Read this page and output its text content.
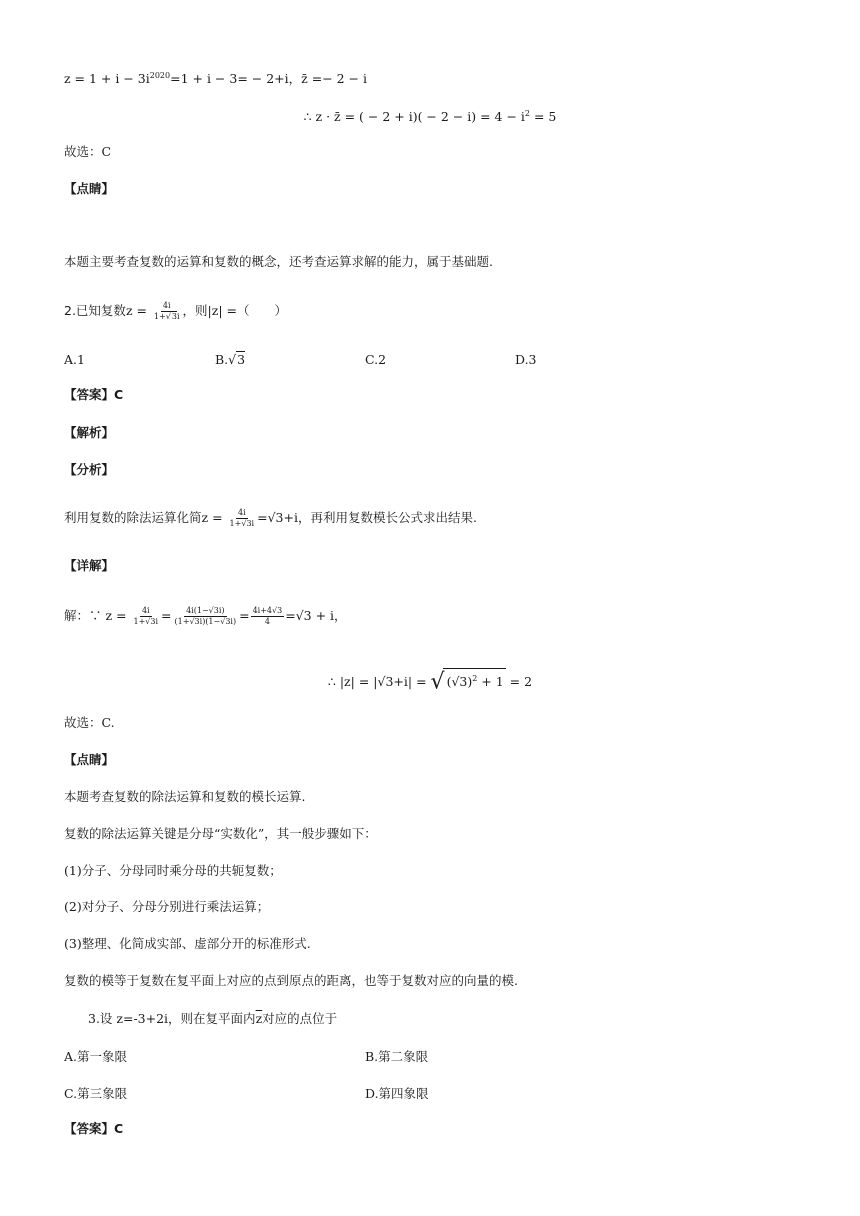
$z = 1 + i - 3i^{2020}=1 + i - 3= - 2+i$，z̄ =− 2 − i
∴ z · z̄ = ( − $2 + i)( - 2 - i) = 4 - i^2 = 5$
故选：C
【点睛】
本题主要考查复数的运算和复数的概念，还考查运算求解的能力，属于基础题.
2.已知复数$z = \frac{4i}{1+√3i}$ ，则|z| =（　　）
A.1	B.√3	C.2	D.3
【答案】C
【解析】
【分析】
利用复数的除法运算化简$z = \frac{4i}{1+√3i} =√3+i$，再利用复数模长公式求出结果.
【详解】
解：∵ $z = \frac{4i}{1+√3i} = \frac{4i(1-√3i)}{(1+√3i)(1-√3i)} = \frac{4i+4√3}{4} =√3 + i$，
∴ |z| = |√3+i| = √ $(√3)^2 + 1 = 2$
故选：C.
【点睛】
本题考查复数的除法运算和复数的模长运算.
复数的除法运算关键是分母“实数化”，其一般步骤如下：
(1)分子、分母同时乘分母的共轭复数；
(2)对分子、分母分别进行乘法运算；
(3)整理、化简成实部、虚部分开的标准形式.
复数的模等于复数在复平面上对应的点到原点的距离，也等于复数对应的向量的模.
3.设 z=-3+2i，则在复平面内$\overline{z}$对应的点位于
A.第一象限	B.第二象限
C.第三象限	D.第四象限
【答案】C
